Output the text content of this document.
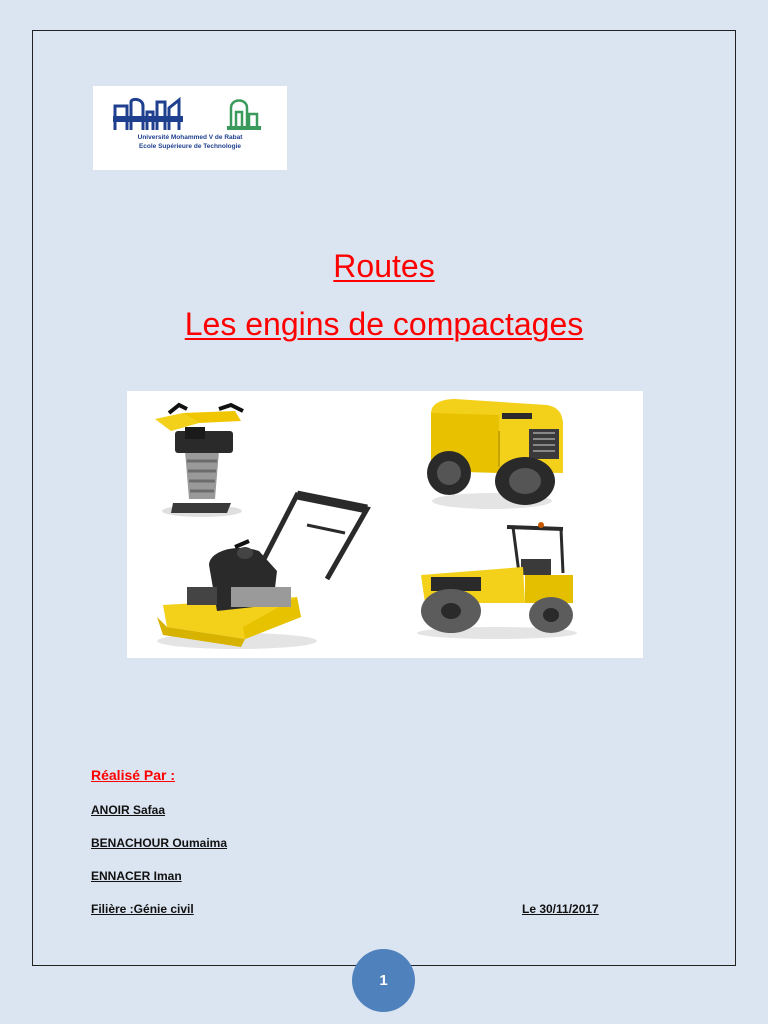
Université Mohammed V de Rabat
Ecole Supérieure de Technologie
Routes
Les engins de compactages
Réalisé Par :
ANOIR Safaa
BENACHOUR Oumaima
ENNACER Iman
Filière :Génie civil	Le 30/11/2017
1
